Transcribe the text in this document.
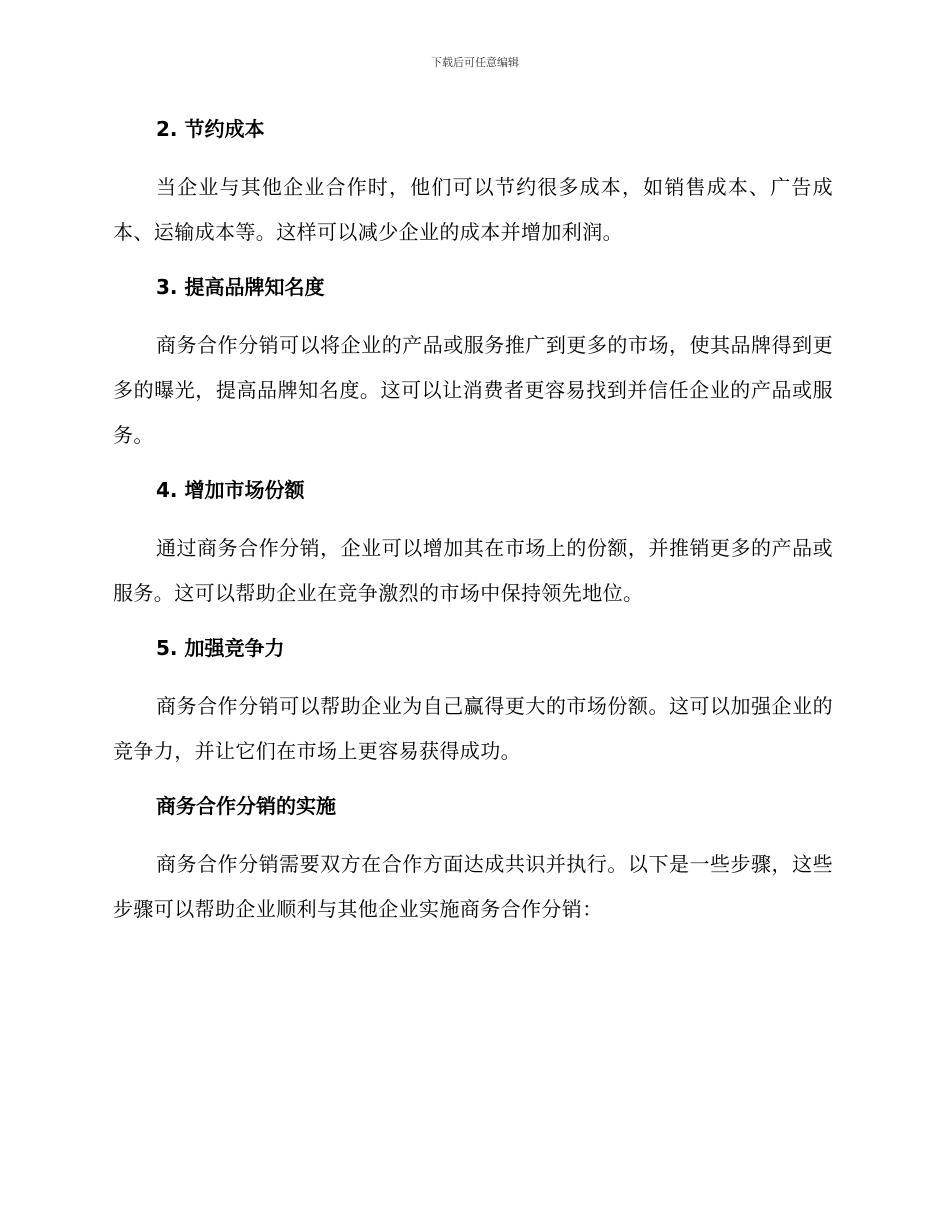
下载后可任意编辑
2. 节约成本

当企业与其他企业合作时，他们可以节约很多成本，如销售成本、广告成本、运输成本等。这样可以减少企业的成本并增加利润。

3. 提高品牌知名度

商务合作分销可以将企业的产品或服务推广到更多的市场，使其品牌得到更多的曝光，提高品牌知名度。这可以让消费者更容易找到并信任企业的产品或服务。

4. 增加市场份额

通过商务合作分销，企业可以增加其在市场上的份额，并推销更多的产品或服务。这可以帮助企业在竞争激烈的市场中保持领先地位。

5. 加强竞争力

商务合作分销可以帮助企业为自己赢得更大的市场份额。这可以加强企业的竞争力，并让它们在市场上更容易获得成功。

商务合作分销的实施

商务合作分销需要双方在合作方面达成共识并执行。以下是一些步骤，这些步骤可以帮助企业顺利与其他企业实施商务合作分销：
